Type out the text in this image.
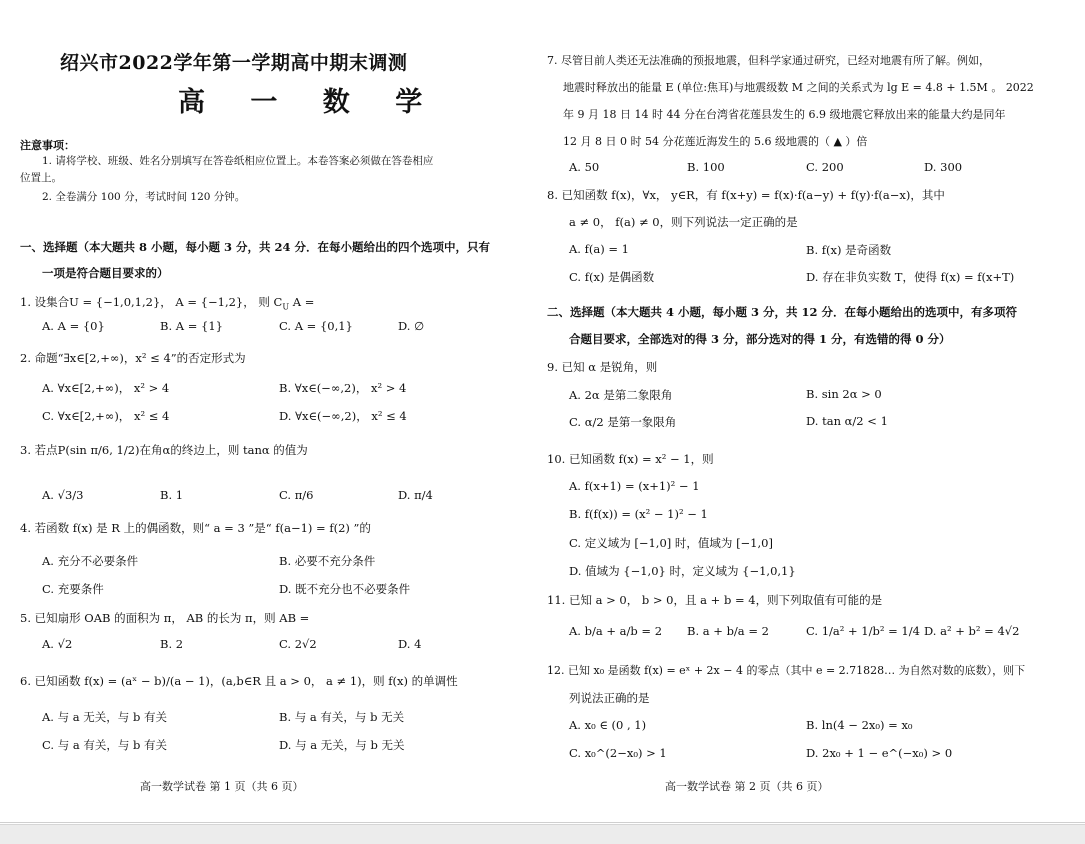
绍兴市2022学年第一学期高中期末调测
高 一 数 学
注意事项：
1. 请将学校、班级、姓名分别填写在答卷纸相应位置上。本卷答案必须做在答卷相应
位置上。
2. 全卷满分 100 分，考试时间 120 分钟。
一、选择题（本大题共 8 小题，每小题 3 分，共 24 分．在每小题给出的四个选项中，只有
一项是符合题目要求的）
1. 设集合U = {−1,0,1,2}， A = {−1,2}， 则 $C_U$ A =
A. A = {0}	B. A = {1}	C. A = {0,1}	D. ∅
2. 命题“∃x∈[2,+∞)，x² ≤ 4”的否定形式为
A. ∀x∈[2,+∞)， x² > 4	B. ∀x∈(−∞,2)， x² > 4
C. ∀x∈[2,+∞)， x² ≤ 4	D. ∀x∈(−∞,2)， x² ≤ 4
3. 若点P(sin π/6, 1/2)在角α的终边上，则 tanα 的值为
A. √3/3	B. 1	C. π/6	D. π/4
4. 若函数 f(x) 是 R 上的偶函数，则“ a = 3 ”是“ f(a−1) = f(2) ”的
A. 充分不必要条件	B. 必要不充分条件
C. 充要条件	D. 既不充分也不必要条件
5. 已知扇形 OAB 的面积为 π， AB 的长为 π，则 AB =
A. √2	B. 2	C. 2√2	D. 4
6. 已知函数 f(x) = (aˣ − b)/(a − 1)，(a,b∈R 且 a > 0， a ≠ 1)，则 f(x) 的单调性
A. 与 a 无关，与 b 有关	B. 与 a 有关，与 b 无关
C. 与 a 有关，与 b 有关	D. 与 a 无关，与 b 无关
高一数学试卷 第 1 页（共 6 页）
7. 尽管目前人类还无法准确的预报地震，但科学家通过研究，已经对地震有所了解。例如，
地震时释放出的能量 E (单位:焦耳)与地震级数 M 之间的关系式为 lg E = 4.8 + 1.5M 。 2022
年 9 月 18 日 14 时 44 分在台湾省花莲县发生的 6.9 级地震它释放出来的能量大约是同年
12 月 8 日 0 时 54 分花莲近海发生的 5.6 级地震的（ ▲ ）倍
A. 50	B. 100	C. 200	D. 300
8. 已知函数 f(x)，∀x， y∈R，有 f(x+y) = f(x)·f(a−y) + f(y)·f(a−x)，其中
a ≠ 0， f(a) ≠ 0，则下列说法一定正确的是
A. f(a) = 1	B. f(x) 是奇函数
C. f(x) 是偶函数	D. 存在非负实数 T，使得 f(x) = f(x+T)
二、选择题（本大题共 4 小题，每小题 3 分，共 12 分．在每小题给出的选项中，有多项符
合题目要求，全部选对的得 3 分，部分选对的得 1 分，有选错的得 0 分）
9. 已知 α 是锐角，则
A. 2α 是第二象限角	B. sin 2α > 0
C. α/2 是第一象限角	D. tan α/2 < 1
10. 已知函数 f(x) = x² − 1，则
A. f(x+1) = (x+1)² − 1
B. f(f(x)) = (x² − 1)² − 1
C. 定义域为 [−1,0] 时，值域为 [−1,0]
D. 值域为 {−1,0} 时，定义域为 {−1,0,1}
11. 已知 a > 0， b > 0，且 a + b = 4，则下列取值有可能的是
A. b/a + a/b = 2 B. a + b/a = 2	C. 1/a² + 1/b² = 1/4 D. a² + b² = 4√2
12. 已知 x₀ 是函数 f(x) = eˣ + 2x − 4 的零点（其中 e = 2.71828… 为自然对数的底数），则下
列说法正确的是
A. x₀ ∈ (0 , 1)	B. ln(4 − 2x₀) = x₀
C. x₀^(2−x₀) > 1	D. 2x₀ + 1 − e^(−x₀) > 0
高一数学试卷 第 2 页（共 6 页）
